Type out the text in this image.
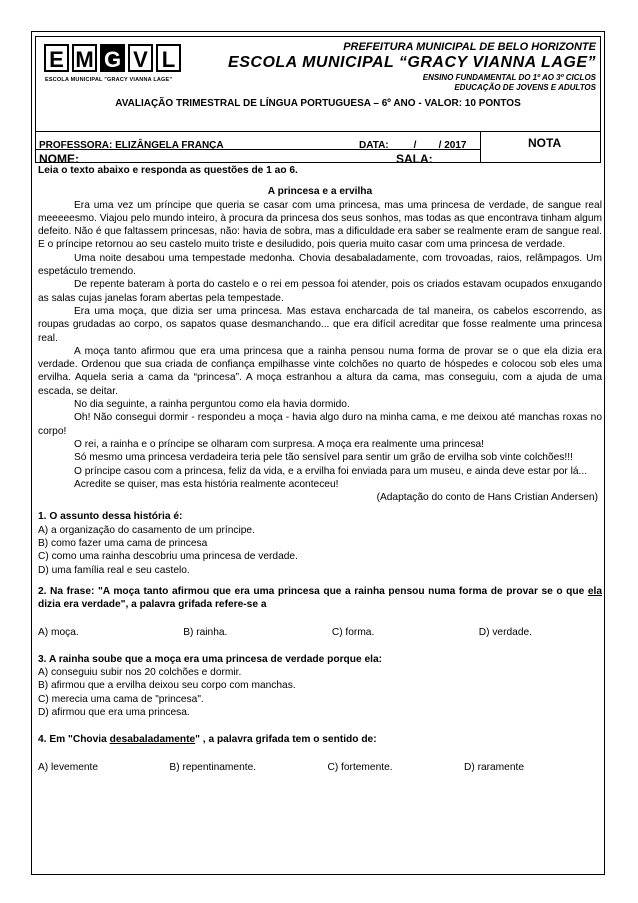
E M G V L
ESCOLA MUNICIPAL "GRACY VIANNA LAGE"
PREFEITURA MUNICIPAL DE BELO HORIZONTE
ESCOLA MUNICIPAL “GRACY VIANNA LAGE”
ENSINO FUNDAMENTAL DO 1º AO 3º CICLOS
EDUCAÇÃO DE JOVENS E ADULTOS
AVALIAÇÃO TRIMESTRAL DE LÍNGUA PORTUGUESA – 6º ANO - VALOR: 10 PONTOS
PROFESSORA: ELIZÂNGELA FRANÇA	DATA: ____/____/ 2017	NOTA
NOME:	SALA:

Leia o texto abaixo e responda as questões de 1 ao 6.

A princesa e a ervilha

Era uma vez um príncipe que queria se casar com uma princesa, mas uma princesa de verdade, de sangue real meeeeesmo. Viajou pelo mundo inteiro, à procura da princesa dos seus sonhos, mas todas as que encontrava tinham algum defeito. Não é que faltassem princesas, não: havia de sobra, mas a dificuldade era saber se realmente eram de sangue real. E o príncipe retornou ao seu castelo muito triste e desiludido, pois queria muito casar com uma princesa de verdade.

Uma noite desabou uma tempestade medonha. Chovia desabaladamente, com trovoadas, raios, relâmpagos. Um espetáculo tremendo.

De repente bateram à porta do castelo e o rei em pessoa foi atender, pois os criados estavam ocupados enxugando as salas cujas janelas foram abertas pela tempestade.

Era uma moça, que dizia ser uma princesa. Mas estava encharcada de tal maneira, os cabelos escorrendo, as roupas grudadas ao corpo, os sapatos quase desmanchando... que era difícil acreditar que fosse realmente uma princesa real.

A moça tanto afirmou que era uma princesa que a rainha pensou numa forma de provar se o que ela dizia era verdade. Ordenou que sua criada de confiança empilhasse vinte colchões no quarto de hóspedes e colocou sob eles uma ervilha. Aquela seria a cama da “princesa”. A moça estranhou a altura da cama, mas conseguiu, com a ajuda de uma escada, se deitar.

No dia seguinte, a rainha perguntou como ela havia dormido.

Oh! Não consegui dormir - respondeu a moça - havia algo duro na minha cama, e me deixou até manchas roxas no corpo!

O rei, a rainha e o príncipe se olharam com surpresa. A moça era realmente uma princesa!

Só mesmo uma princesa verdadeira teria pele tão sensível para sentir um grão de ervilha sob vinte colchões!!!

O príncipe casou com a princesa, feliz da vida, e a ervilha foi enviada para um museu, e ainda deve estar por lá...

Acredite se quiser, mas esta história realmente aconteceu!

(Adaptação do conto de Hans Cristian Andersen)

1. O assunto dessa história é:

A) a organização do casamento de um príncipe.

B) como fazer uma cama de princesa

C) como uma rainha descobriu uma princesa de verdade.

D) uma família real e seu castelo.

2. Na frase: "A moça tanto afirmou que era uma princesa que a rainha pensou numa forma de provar se o que ela dizia era verdade", a palavra grifada refere-se a

A) moça.	B) rainha.	C) forma.	D) verdade.

3. A rainha soube que a moça era uma princesa de verdade porque ela:

A) conseguiu subir nos 20 colchões e dormir.

B) afirmou que a ervilha deixou seu corpo com manchas.

C) merecia uma cama de "princesa".

D) afirmou que era uma princesa.

4. Em "Chovia desabaladamente" , a palavra grifada tem o sentido de:

A) levemente	B) repentinamente.	C) fortemente.	D) raramente
